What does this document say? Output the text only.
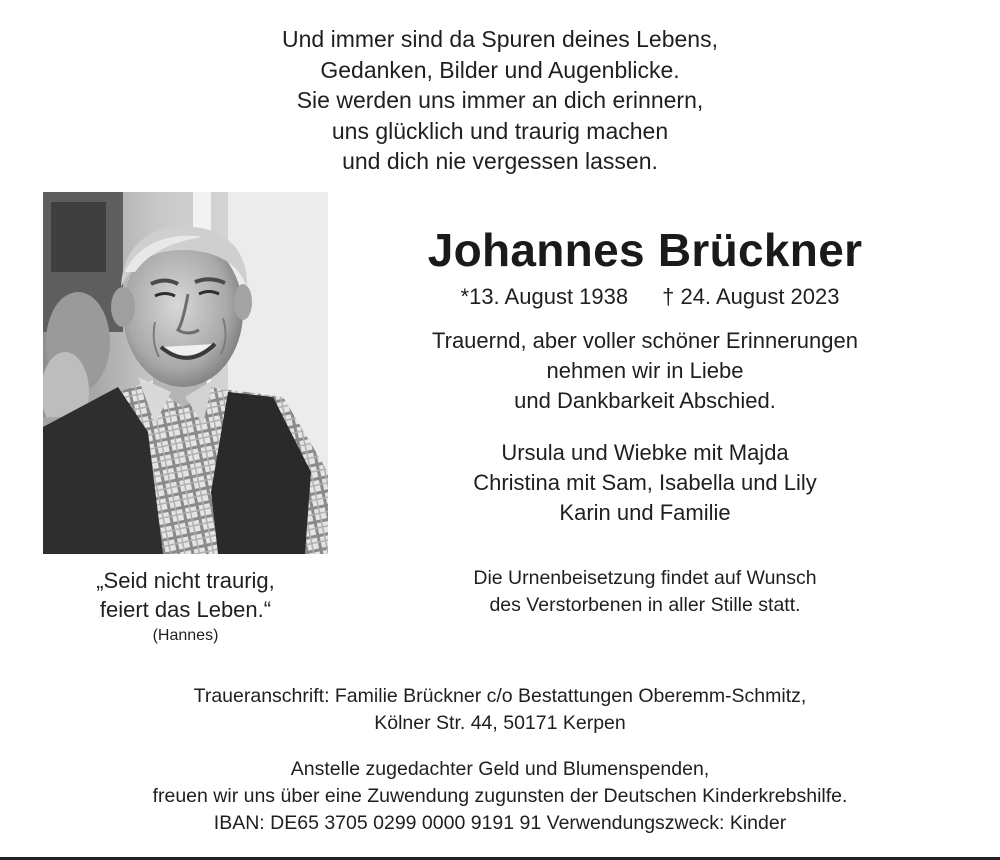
Und immer sind da Spuren deines Lebens,
Gedanken, Bilder und Augenblicke.
Sie werden uns immer an dich erinnern,
uns glücklich und traurig machen
und dich nie vergessen lassen.
„Seid nicht traurig,
feiert das Leben.“
(Hannes)
Johannes Brückner
*13. August 1938 † 24. August 2023
Trauernd, aber voller schöner Erinnerungen
nehmen wir in Liebe
und Dankbarkeit Abschied.
Ursula und Wiebke mit Majda
Christina mit Sam, Isabella und Lily
Karin und Familie
Die Urnenbeisetzung findet auf Wunsch
des Verstorbenen in aller Stille statt.
Traueranschrift: Familie Brückner c/o Bestattungen Oberemm-Schmitz,
Kölner Str. 44, 50171 Kerpen
Anstelle zugedachter Geld und Blumenspenden,
freuen wir uns über eine Zuwendung zugunsten der Deutschen Kinderkrebshilfe.
IBAN: DE65 3705 0299 0000 9191 91 Verwendungszweck: Kinder
